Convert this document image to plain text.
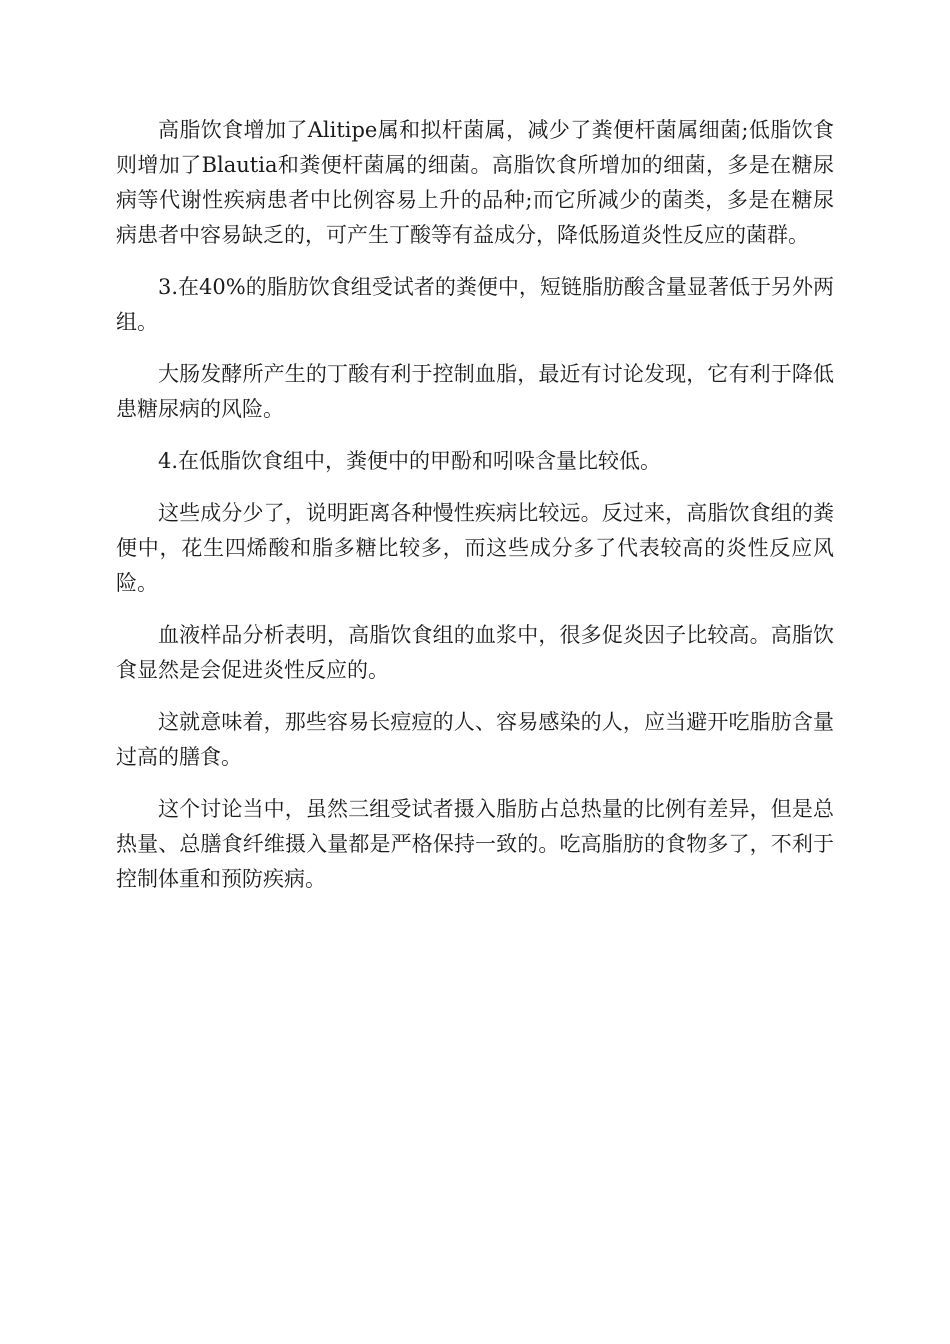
高脂饮食增加了Alitipe属和拟杆菌属，减少了粪便杆菌属细菌;低脂饮食则增加了Blautia和粪便杆菌属的细菌。高脂饮食所增加的细菌，多是在糖尿病等代谢性疾病患者中比例容易上升的品种;而它所减少的菌类，多是在糖尿病患者中容易缺乏的，可产生丁酸等有益成分，降低肠道炎性反应的菌群。

3.在40%的脂肪饮食组受试者的粪便中，短链脂肪酸含量显著低于另外两组。

大肠发酵所产生的丁酸有利于控制血脂，最近有讨论发现，它有利于降低患糖尿病的风险。

4.在低脂饮食组中，粪便中的甲酚和吲哚含量比较低。

这些成分少了，说明距离各种慢性疾病比较远。反过来，高脂饮食组的粪便中，花生四烯酸和脂多糖比较多，而这些成分多了代表较高的炎性反应风险。

血液样品分析表明，高脂饮食组的血浆中，很多促炎因子比较高。高脂饮食显然是会促进炎性反应的。

这就意味着，那些容易长痘痘的人、容易感染的人，应当避开吃脂肪含量过高的膳食。

这个讨论当中，虽然三组受试者摄入脂肪占总热量的比例有差异，但是总热量、总膳食纤维摄入量都是严格保持一致的。吃高脂肪的食物多了，不利于控制体重和预防疾病。
